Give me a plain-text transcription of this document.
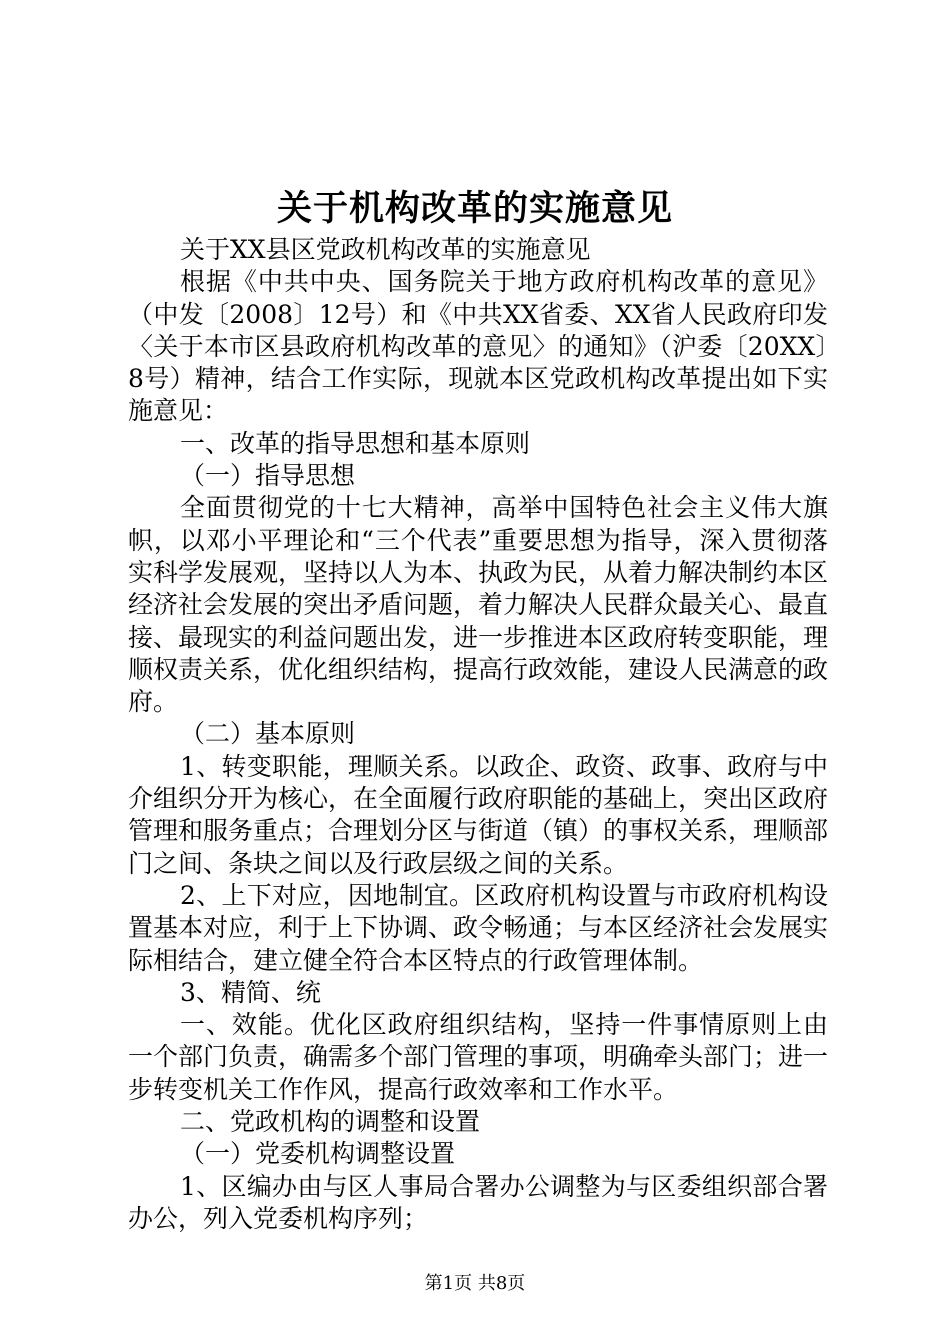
关于机构改革的实施意见

关于XX县区党政机构改革的实施意见

根据《中共中央、国务院关于地方政府机构改革的意见》（中发〔2008〕12号）和《中共XX省委、XX省人民政府印发〈关于本市区县政府机构改革的意见〉的通知》（沪委〔20XX〕8号）精神，结合工作实际，现就本区党政机构改革提出如下实施意见：

一、改革的指导思想和基本原则

（一）指导思想

全面贯彻党的十七大精神，高举中国特色社会主义伟大旗帜，以邓小平理论和“三个代表”重要思想为指导，深入贯彻落实科学发展观，坚持以人为本、执政为民，从着力解决制约本区经济社会发展的突出矛盾问题，着力解决人民群众最关心、最直接、最现实的利益问题出发，进一步推进本区政府转变职能，理顺权责关系，优化组织结构，提高行政效能，建设人民满意的政府。

（二）基本原则

1、转变职能，理顺关系。以政企、政资、政事、政府与中介组织分开为核心，在全面履行政府职能的基础上，突出区政府管理和服务重点；合理划分区与街道（镇）的事权关系，理顺部门之间、条块之间以及行政层级之间的关系。

2、上下对应，因地制宜。区政府机构设置与市政府机构设置基本对应，利于上下协调、政令畅通；与本区经济社会发展实际相结合，建立健全符合本区特点的行政管理体制。

3、精简、统

一、效能。优化区政府组织结构，坚持一件事情原则上由一个部门负责，确需多个部门管理的事项，明确牵头部门；进一步转变机关工作作风，提高行政效率和工作水平。

二、党政机构的调整和设置

（一）党委机构调整设置

1、区编办由与区人事局合署办公调整为与区委组织部合署办公，列入党委机构序列；

第1页 共8页
